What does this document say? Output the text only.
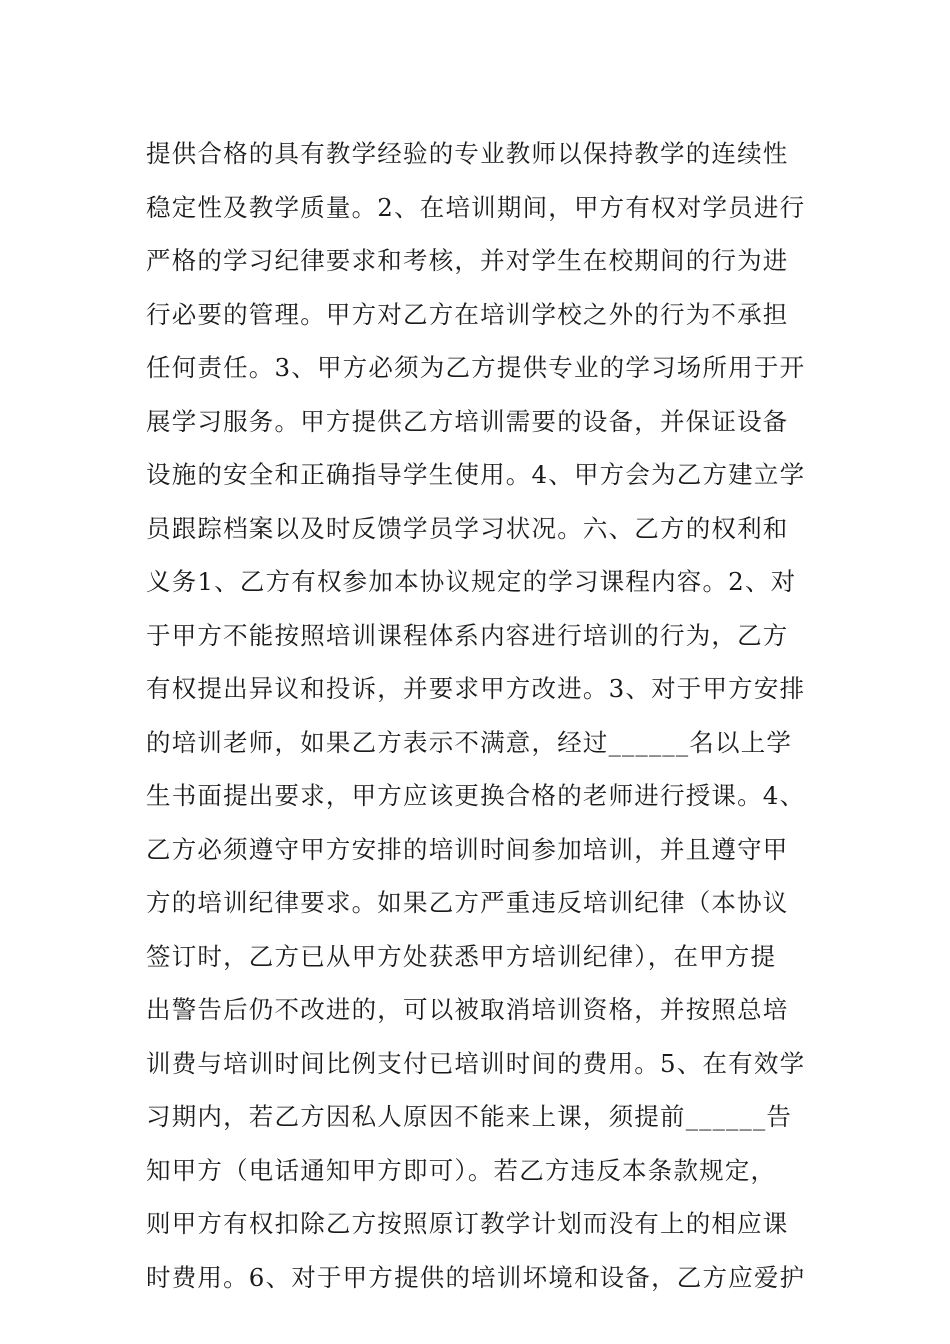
提供合格的具有教学经验的专业教师以保持教学的连续性
稳定性及教学质量。2、在培训期间，甲方有权对学员进行
严格的学习纪律要求和考核，并对学生在校期间的行为进
行必要的管理。甲方对乙方在培训学校之外的行为不承担
任何责任。3、甲方必须为乙方提供专业的学习场所用于开
展学习服务。甲方提供乙方培训需要的设备，并保证设备
设施的安全和正确指导学生使用。4、甲方会为乙方建立学
员跟踪档案以及时反馈学员学习状况。六、乙方的权利和
义务1、乙方有权参加本协议规定的学习课程内容。2、对
于甲方不能按照培训课程体系内容进行培训的行为，乙方
有权提出异议和投诉，并要求甲方改进。3、对于甲方安排
的培训老师，如果乙方表示不满意，经过______名以上学
生书面提出要求，甲方应该更换合格的老师进行授课。4、
乙方必须遵守甲方安排的培训时间参加培训，并且遵守甲
方的培训纪律要求。如果乙方严重违反培训纪律（本协议
签订时，乙方已从甲方处获悉甲方培训纪律），在甲方提
出警告后仍不改进的，可以被取消培训资格，并按照总培
训费与培训时间比例支付已培训时间的费用。5、在有效学
习期内，若乙方因私人原因不能来上课，须提前______告
知甲方（电话通知甲方即可）。若乙方违反本条款规定，
则甲方有权扣除乙方按照原订教学计划而没有上的相应课
时费用。6、对于甲方提供的培训坏境和设备，乙方应爱护
